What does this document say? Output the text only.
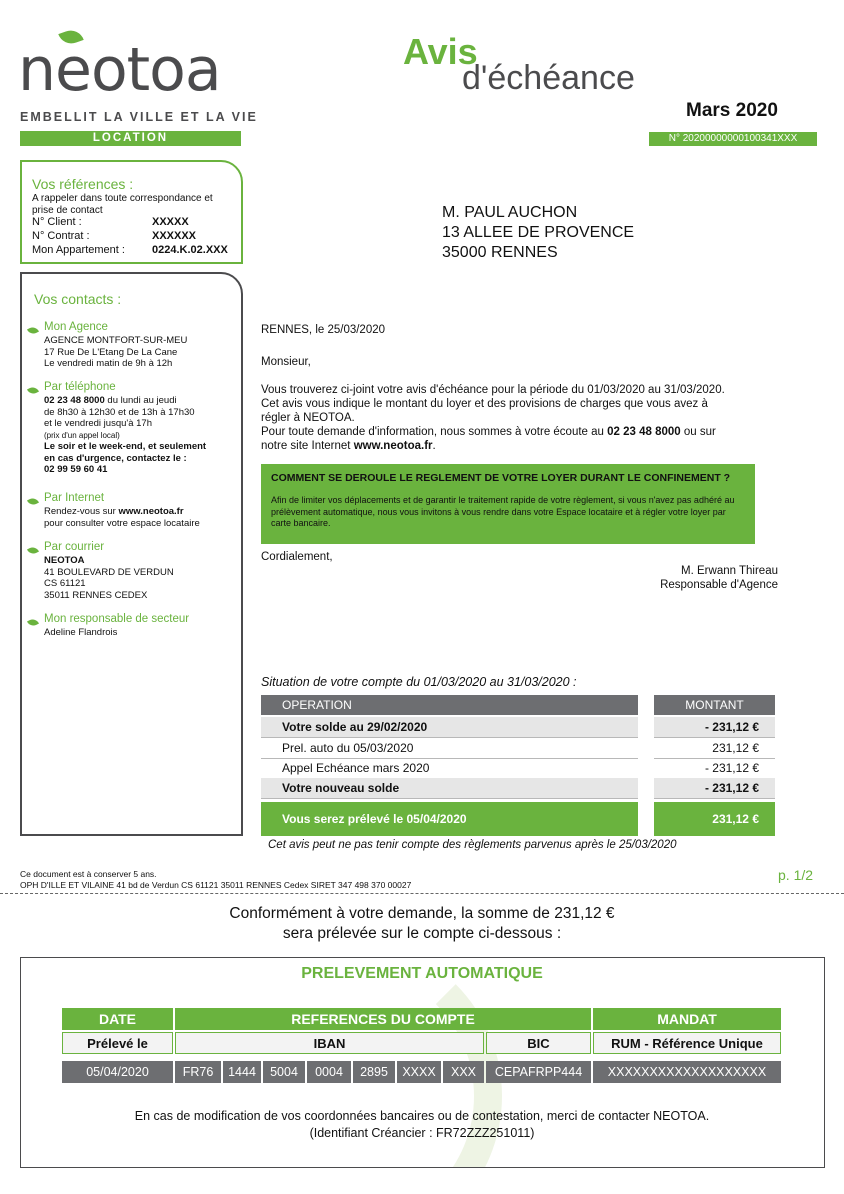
neotoa
EMBELLIT LA VILLE ET LA VIE
LOCATION
Avis
d'échéance
Mars 2020
N° 20200000000100341XXX
Vos références :
A rappeler dans toute correspondance et prise de contact
N° Client :	XXXXX
N° Contrat :	XXXXXX
Mon Appartement : 0224.K.02.XXX
M. PAUL AUCHON
13 ALLEE DE PROVENCE
35000 RENNES
Vos contacts :
Mon Agence
AGENCE MONTFORT-SUR-MEU
17 Rue De L'Etang De La Cane
Le vendredi matin de 9h à 12h
Par téléphone
02 23 48 8000 du lundi au jeudi
de 8h30 à 12h30 et de 13h à 17h30
et le vendredi jusqu'à 17h
(prix d'un appel local)
Le soir et le week-end, et seulement
en cas d'urgence, contactez le :
02 99 59 60 41
Par Internet
Rendez-vous sur www.neotoa.fr
pour consulter votre espace locataire
Par courrier
NEOTOA
41 BOULEVARD DE VERDUN
CS 61121
35011 RENNES CEDEX
Mon responsable de secteur
Adeline Flandrois
RENNES, le 25/03/2020
Monsieur,
Vous trouverez ci-joint votre avis d'échéance pour la période du 01/03/2020 au 31/03/2020.
Cet avis vous indique le montant du loyer et des provisions de charges que vous avez à
régler à NEOTOA.
Pour toute demande d'information, nous sommes à votre écoute au 02 23 48 8000 ou sur
notre site Internet www.neotoa.fr.
COMMENT SE DEROULE LE REGLEMENT DE VOTRE LOYER DURANT LE CONFINEMENT ?
Afin de limiter vos déplacements et de garantir le traitement rapide de votre règlement, si vous n'avez pas adhéré au prélèvement automatique, nous vous invitons à vous rendre dans votre Espace locataire et à régler votre loyer par carte bancaire.
Cordialement,
M. Erwann Thireau
Responsable d'Agence
Situation de votre compte du 01/03/2020 au 31/03/2020 :
OPERATION	MONTANT
Votre solde au 29/02/2020	- 231,12 €
Prel. auto du 05/03/2020	231,12 €
Appel Echéance mars 2020	- 231,12 €
Votre nouveau solde	- 231,12 €
Vous serez prélevé le 05/04/2020	231,12 €
Cet avis peut ne pas tenir compte des règlements parvenus après le 25/03/2020
Ce document est à conserver 5 ans.
OPH D'ILLE ET VILAINE 41 bd de Verdun CS 61121 35011 RENNES Cedex SIRET 347 498 370 00027
p. 1/2
Conformément à votre demande, la somme de 231,12 €
sera prélevée sur le compte ci-dessous :
PRELEVEMENT AUTOMATIQUE
DATE	REFERENCES DU COMPTE	MANDAT
Prélevé le	IBAN	BIC	RUM - Référence Unique
05/04/2020	FR76	1444	5004	0004	2895	XXXX	XXX	CEPAFRPP444	XXXXXXXXXXXXXXXXXXX
En cas de modification de vos coordonnées bancaires ou de contestation, merci de contacter NEOTOA.
(Identifiant Créancier : FR72ZZZ251011)
